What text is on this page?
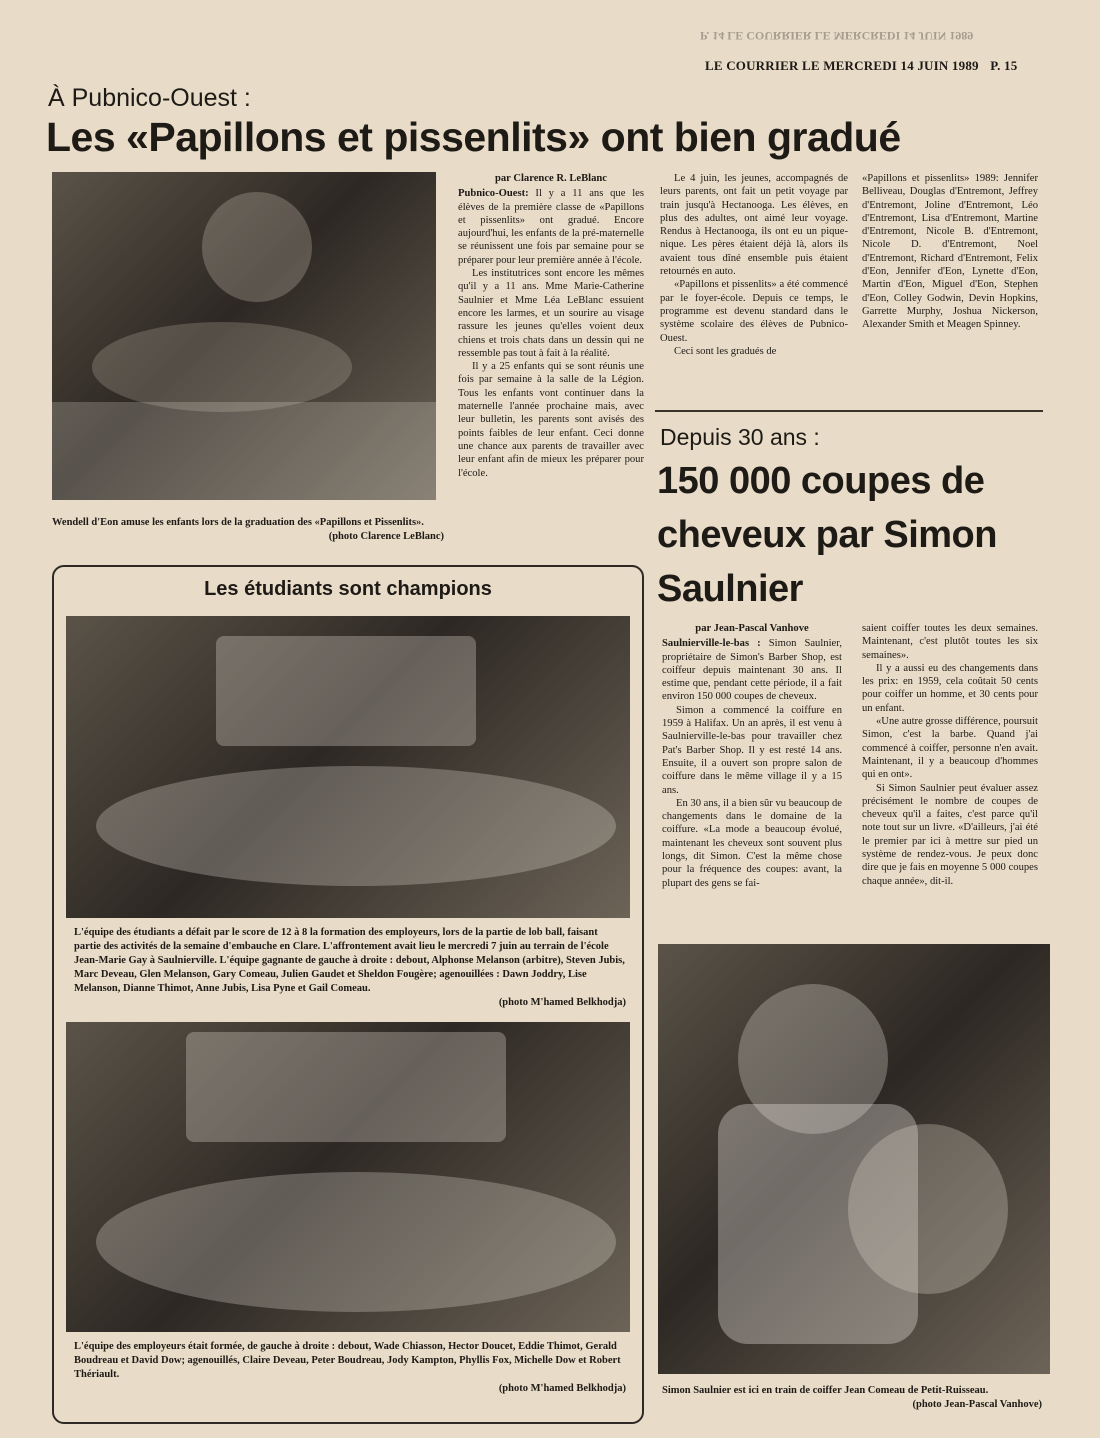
P. 14 LE COURRIER LE MERCREDI 14 JUIN 1989
LE COURRIER LE MERCREDI 14 JUIN 1989 P. 15
À Pubnico-Ouest :
Les «Papillons et pissenlits» ont bien gradué
Wendell d'Eon amuse les enfants lors de la graduation des «Papillons et Pissenlits».
(photo Clarence LeBlanc)
par Clarence R. LeBlanc

Pubnico-Ouest: Il y a 11 ans que les élèves de la première classe de «Papillons et pissenlits» ont gradué. Encore aujourd'hui, les enfants de la pré-maternelle se réunissent une fois par semaine pour se préparer pour leur première année à l'école.

Les institutrices sont encore les mêmes qu'il y a 11 ans. Mme Marie-Catherine Saulnier et Mme Léa LeBlanc essuient encore les larmes, et un sourire au visage rassure les jeunes qu'elles voient deux chiens et trois chats dans un dessin qui ne ressemble pas tout à fait à la réalité.

Il y a 25 enfants qui se sont réunis une fois par semaine à la salle de la Légion. Tous les enfants vont continuer dans la maternelle l'année prochaine mais, avec leur bulletin, les parents sont avisés des points faibles de leur enfant. Ceci donne une chance aux parents de travailler avec leur enfant afin de mieux les préparer pour l'école.

Le 4 juin, les jeunes, accompagnés de leurs parents, ont fait un petit voyage par train jusqu'à Hectanooga. Les élèves, en plus des adultes, ont aimé leur voyage. Rendus à Hectanooga, ils ont eu un pique-nique. Les pères étaient déjà là, alors ils avaient tous dîné ensemble puis étaient retournés en auto.

«Papillons et pissenlits» a été commencé par le foyer-école. Depuis ce temps, le programme est devenu standard dans le système scolaire des élèves de Pubnico-Ouest.

Ceci sont les gradués de

«Papillons et pissenlits» 1989: Jennifer Belliveau, Douglas d'Entremont, Jeffrey d'Entremont, Joline d'Entremont, Léo d'Entremont, Lisa d'Entremont, Martine d'Entremont, Nicole B. d'Entremont, Nicole D. d'Entremont, Noel d'Entremont, Richard d'Entremont, Felix d'Eon, Jennifer d'Eon, Lynette d'Eon, Martin d'Eon, Miguel d'Eon, Stephen d'Eon, Colley Godwin, Devin Hopkins, Garrette Murphy, Joshua Nickerson, Alexander Smith et Meagen Spinney.

Les étudiants sont champions
L'équipe des étudiants a défait par le score de 12 à 8 la formation des employeurs, lors de la partie de lob ball, faisant partie des activités de la semaine d'embauche en Clare. L'affrontement avait lieu le mercredi 7 juin au terrain de l'école Jean-Marie Gay à Saulnierville. L'équipe gagnante de gauche à droite : debout, Alphonse Melanson (arbitre), Steven Jubis, Marc Deveau, Glen Melanson, Gary Comeau, Julien Gaudet et Sheldon Fougère; agenouillées : Dawn Joddry, Lise Melanson, Dianne Thimot, Anne Jubis, Lisa Pyne et Gail Comeau.
(photo M'hamed Belkhodja)
L'équipe des employeurs était formée, de gauche à droite : debout, Wade Chiasson, Hector Doucet, Eddie Thimot, Gerald Boudreau et David Dow; agenouillés, Claire Deveau, Peter Boudreau, Jody Kampton, Phyllis Fox, Michelle Dow et Robert Thériault.
(photo M'hamed Belkhodja)
Depuis 30 ans :
150 000 coupes de cheveux par Simon Saulnier
par Jean-Pascal Vanhove

Saulnierville-le-bas : Simon Saulnier, propriétaire de Simon's Barber Shop, est coiffeur depuis maintenant 30 ans. Il estime que, pendant cette période, il a fait environ 150 000 coupes de cheveux.

Simon a commencé la coiffure en 1959 à Halifax. Un an après, il est venu à Saulnierville-le-bas pour travailler chez Pat's Barber Shop. Il y est resté 14 ans. Ensuite, il a ouvert son propre salon de coiffure dans le même village il y a 15 ans.

En 30 ans, il a bien sûr vu beaucoup de changements dans le domaine de la coiffure. «La mode a beaucoup évolué, maintenant les cheveux sont souvent plus longs, dit Simon. C'est la même chose pour la fréquence des coupes: avant, la plupart des gens se fai-

saient coiffer toutes les deux semaines. Maintenant, c'est plutôt toutes les six semaines».

Il y a aussi eu des changements dans les prix: en 1959, cela coûtait 50 cents pour coiffer un homme, et 30 cents pour un enfant.

«Une autre grosse différence, poursuit Simon, c'est la barbe. Quand j'ai commencé à coiffer, personne n'en avait. Maintenant, il y a beaucoup d'hommes qui en ont».

Si Simon Saulnier peut évaluer assez précisément le nombre de coupes de cheveux qu'il a faites, c'est parce qu'il note tout sur un livre. «D'ailleurs, j'ai été le premier par ici à mettre sur pied un système de rendez-vous. Je peux donc dire que je fais en moyenne 5 000 coupes chaque année», dit-il.

Simon Saulnier est ici en train de coiffer Jean Comeau de Petit-Ruisseau.
(photo Jean-Pascal Vanhove)
